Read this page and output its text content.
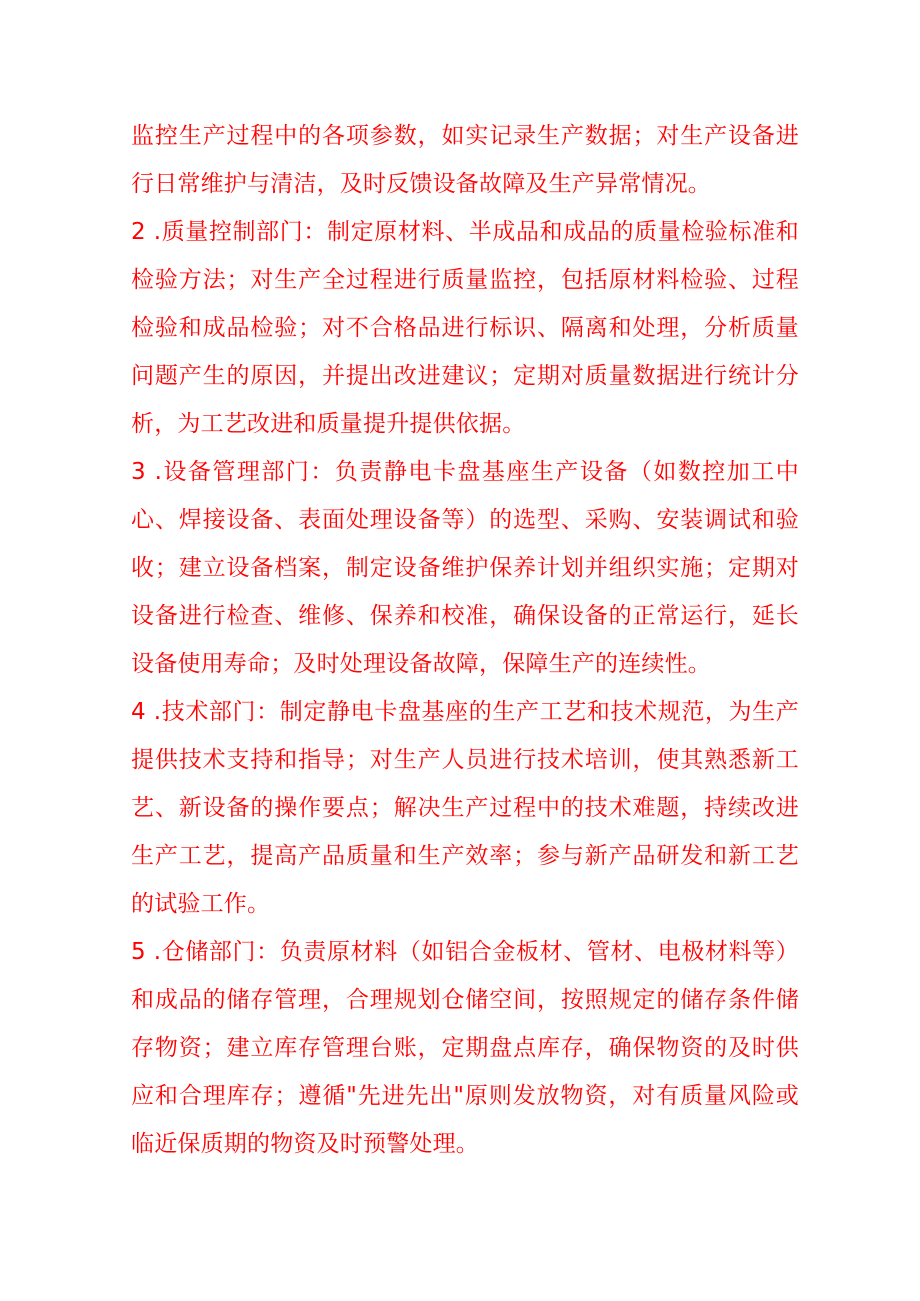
监控生产过程中的各项参数，如实记录生产数据；对生产设备进行日常维护与清洁，及时反馈设备故障及生产异常情况。

2 .质量控制部门：制定原材料、半成品和成品的质量检验标准和检验方法；对生产全过程进行质量监控，包括原材料检验、过程检验和成品检验；对不合格品进行标识、隔离和处理，分析质量问题产生的原因，并提出改进建议；定期对质量数据进行统计分析，为工艺改进和质量提升提供依据。

3 .设备管理部门：负责静电卡盘基座生产设备（如数控加工中心、焊接设备、表面处理设备等）的选型、采购、安装调试和验收；建立设备档案，制定设备维护保养计划并组织实施；定期对设备进行检查、维修、保养和校准，确保设备的正常运行，延长设备使用寿命；及时处理设备故障，保障生产的连续性。

4 .技术部门：制定静电卡盘基座的生产工艺和技术规范，为生产提供技术支持和指导；对生产人员进行技术培训，使其熟悉新工艺、新设备的操作要点；解决生产过程中的技术难题，持续改进生产工艺，提高产品质量和生产效率；参与新产品研发和新工艺的试验工作。

5 .仓储部门：负责原材料（如铝合金板材、管材、电极材料等）和成品的储存管理，合理规划仓储空间，按照规定的储存条件储存物资；建立库存管理台账，定期盘点库存，确保物资的及时供应和合理库存；遵循"先进先出"原则发放物资，对有质量风险或临近保质期的物资及时预警处理。
